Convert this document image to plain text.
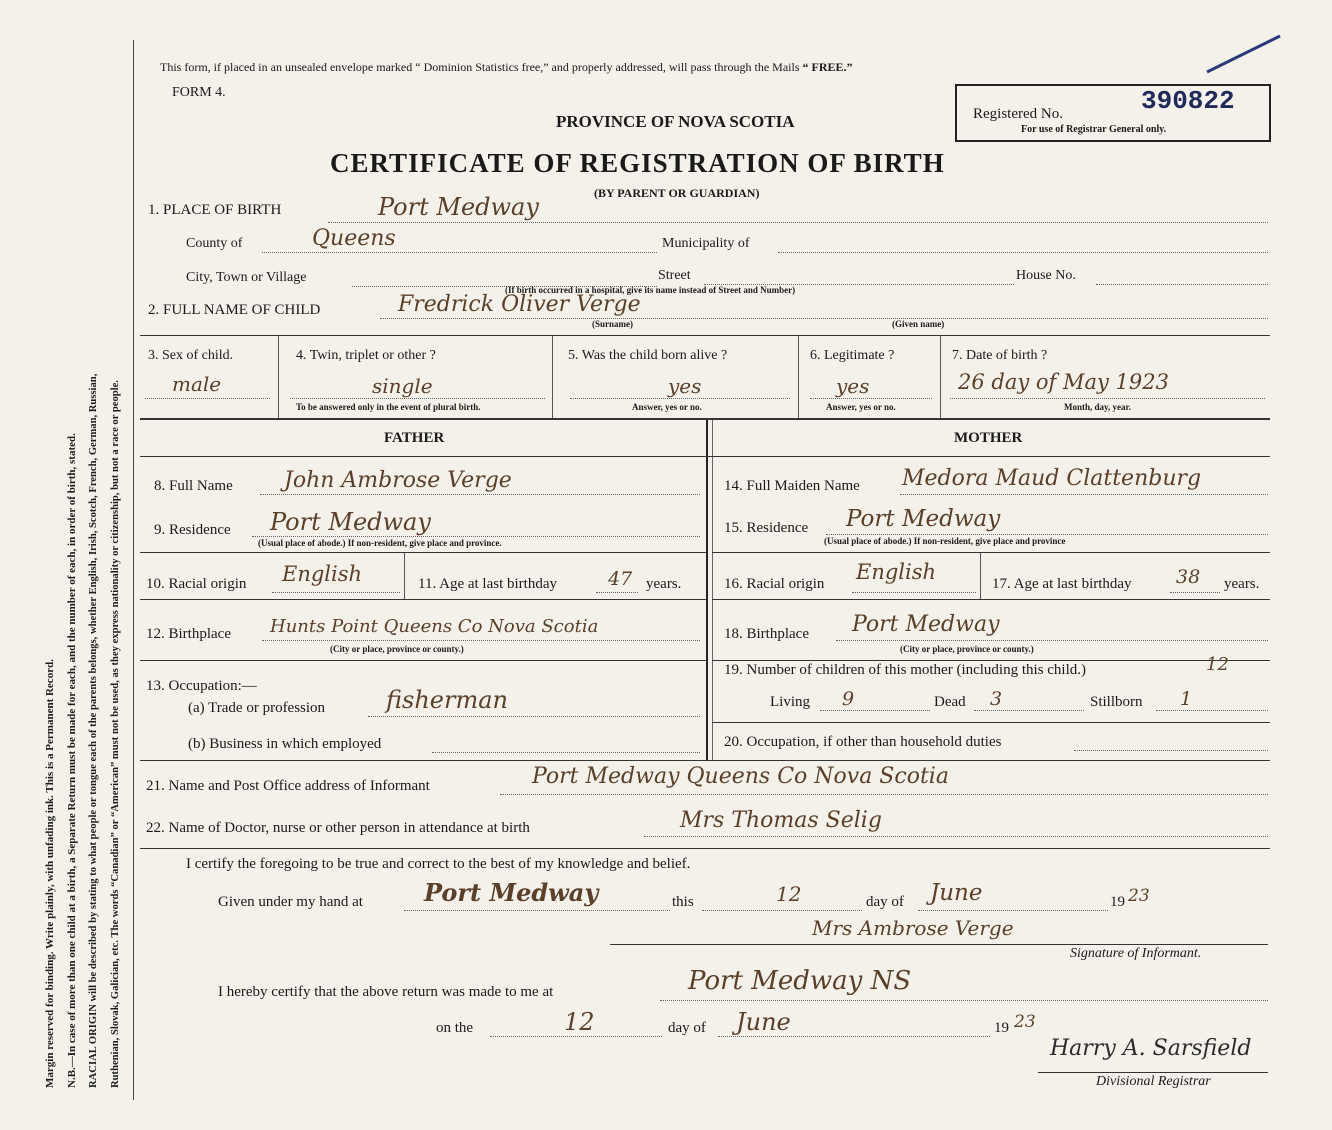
Margin reserved for binding. Write plainly, with unfading ink. This is a Permanent Record. N.B.—In case of more than one child at a birth, a Separate Return must be made for each, and the number of each, in order of birth, stated. RACIAL ORIGIN will be described by stating to what people or tongue each of the parents belongs, whether English, Irish, Scotch, French, German, Russian, Ruthenian, Slovak, Galician, etc. The words “Canadian” or “American” must not be used, as they express nationality or citizenship, but not a race or people.
This form, if placed in an unsealed envelope marked “ Dominion Statistics free,” and properly addressed, will pass through the Mails “ FREE.”
FORM 4.
PROVINCE OF NOVA SCOTIA	Registered No.	390822
For use of Registrar General only.
CERTIFICATE OF REGISTRATION OF BIRTH
(BY PARENT OR GUARDIAN)
1. PLACE OF BIRTH	Port Medway
County of	Queens	Municipality of
City, Town or Village	Street	House No.
(If birth occurred in a hospital, give its name instead of Street and Number)
2. FULL NAME OF CHILD	Fredrick Oliver Verge
(Surname)	(Given name)
3. Sex of child.
male
4. Twin, triplet or other ?
single
To be answered only in the event of plural birth.
5. Was the child born alive ?
yes
Answer, yes or no.
6. Legitimate ?
yes
Answer, yes or no.
7. Date of birth ?
26 day of May 1923
Month, day, year.
FATHER	MOTHER
8. Full Name John Ambrose Verge
9. Residence Port Medway
(Usual place of abode.) If non-resident, give place and province.
10. Racial origin English	11. Age at last birthday	47 years.
12. Birthplace Hunts Point Queens Co Nova Scotia
(City or place, province or county.)
13. Occupation:—
(a) Trade or profession	fisherman
(b) Business in which employed
14. Full Maiden Name Medora Maud Clattenburg
15. Residence Port Medway
(Usual place of abode.) If non-resident, give place and province
16. Racial origin English	17. Age at last birthday 38 years.
18. Birthplace Port Medway
(City or place, province or county.)
19. Number of children of this mother (including this child.)	12
Living 9	Dead 3	Stillborn 1
20. Occupation, if other than household duties
21. Name and Post Office address of Informant	Port Medway Queens Co Nova Scotia
22. Name of Doctor, nurse or other person in attendance at birth	Mrs Thomas Selig
I certify the foregoing to be true and correct to the best of my knowledge and belief.
Given under my hand at	Port Medway	this	12	day of June	19 23
Mrs Ambrose Verge
Signature of Informant.
I hereby certify that the above return was made to me at	Port Medway NS
on the	12	day of June	19 23
Harry A. Sarsfield
Divisional Registrar
